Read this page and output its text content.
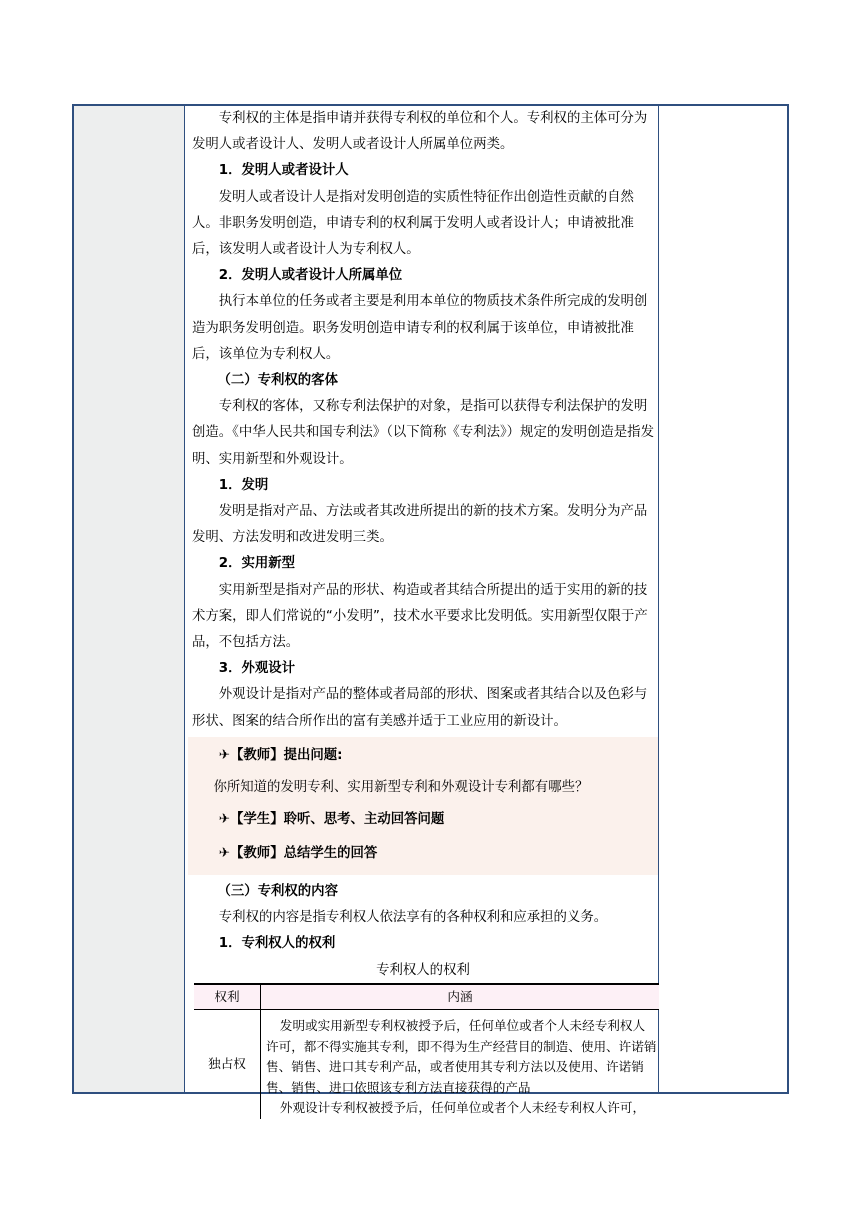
专利权的主体是指申请并获得专利权的单位和个人。专利权的主体可分为发明人或者设计人、发明人或者设计人所属单位两类。

1．发明人或者设计人

发明人或者设计人是指对发明创造的实质性特征作出创造性贡献的自然人。非职务发明创造，申请专利的权利属于发明人或者设计人；申请被批准后，该发明人或者设计人为专利权人。

2．发明人或者设计人所属单位

执行本单位的任务或者主要是利用本单位的物质技术条件所完成的发明创造为职务发明创造。职务发明创造申请专利的权利属于该单位，申请被批准后，该单位为专利权人。

（二）专利权的客体

专利权的客体，又称专利法保护的对象，是指可以获得专利法保护的发明创造。《中华人民共和国专利法》（以下简称《专利法》）规定的发明创造是指发明、实用新型和外观设计。

1．发明

发明是指对产品、方法或者其改进所提出的新的技术方案。发明分为产品发明、方法发明和改进发明三类。

2．实用新型

实用新型是指对产品的形状、构造或者其结合所提出的适于实用的新的技术方案，即人们常说的“小发明”，技术水平要求比发明低。实用新型仅限于产品，不包括方法。

3．外观设计

外观设计是指对产品的整体或者局部的形状、图案或者其结合以及色彩与形状、图案的结合所作出的富有美感并适于工业应用的新设计。

✈【教师】提出问题:

你所知道的发明专利、实用新型专利和外观设计专利都有哪些？

✈【学生】聆听、思考、主动回答问题

✈【教师】总结学生的回答

（三）专利权的内容

专利权的内容是指专利权人依法享有的各种权利和应承担的义务。

1．专利权人的权利

专利权人的权利

权利	内涵
独占权	发明或实用新型专利权被授予后，任何单位或者个人未经专利权人许可，都不得实施其专利，即不得为生产经营目的制造、使用、许诺销售、销售、进口其专利产品，或者使用其专利方法以及使用、许诺销售、销售、进口依照该专利方法直接获得的产品

外观设计专利权被授予后，任何单位或者个人未经专利权人许可，
